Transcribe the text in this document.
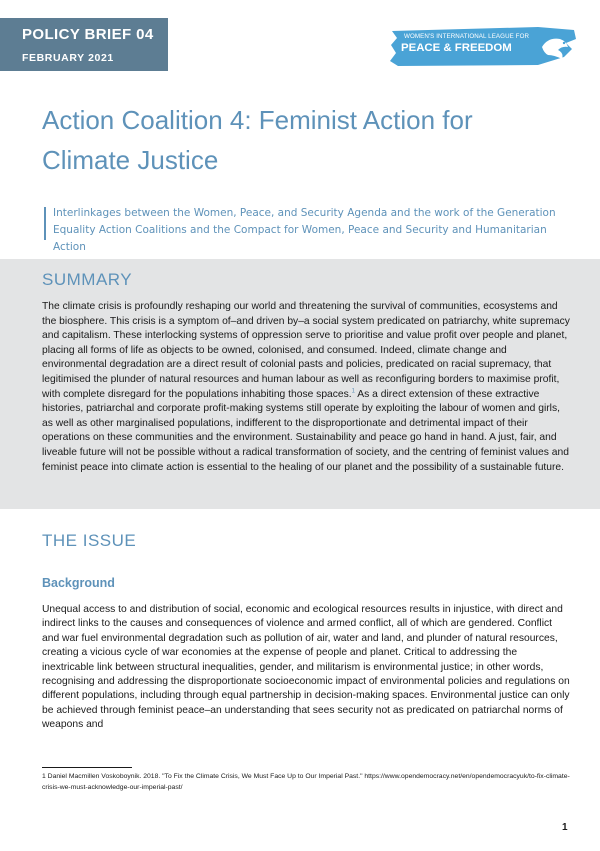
POLICY BRIEF 04
FEBRUARY 2021
WOMEN'S INTERNATIONAL LEAGUE FOR
PEACE & FREEDOM
Action Coalition 4: Feminist Action for Climate Justice

Interlinkages between the Women, Peace, and Security Agenda and the work of the Generation Equality Action Coalitions and the Compact for Women, Peace and Security and Humanitarian Action

SUMMARY

The climate crisis is profoundly reshaping our world and threatening the survival of communities, ecosystems and the biosphere. This crisis is a symptom of–and driven by–a social system predicated on patriarchy, white supremacy and capitalism. These interlocking systems of oppression serve to prioritise and value profit over people and planet, placing all forms of life as objects to be owned, colonised, and consumed. Indeed, climate change and environmental degradation are a direct result of colonial pasts and policies, predicated on racial supremacy, that legitimised the plunder of natural resources and human labour as well as reconfiguring borders to maximise profit, with complete disregard for the populations inhabiting those spaces.$^1$ As a direct extension of these extractive histories, patriarchal and corporate profit-making systems still operate by exploiting the labour of women and girls, as well as other marginalised populations, indifferent to the disproportionate and detrimental impact of their operations on these communities and the environment. Sustainability and peace go hand in hand. A just, fair, and liveable future will not be possible without a radical transformation of society, and the centring of feminist values and feminist peace into climate action is essential to the healing of our planet and the possibility of a sustainable future.

THE ISSUE
Background

Unequal access to and distribution of social, economic and ecological resources results in injustice, with direct and indirect links to the causes and consequences of violence and armed conflict, all of which are gendered. Conflict and war fuel environmental degradation such as pollution of air, water and land, and plunder of natural resources, creating a vicious cycle of war economies at the expense of people and planet. Critical to addressing the inextricable link between structural inequalities, gender, and militarism is environmental justice; in other words, recognising and addressing the disproportionate socioeconomic impact of environmental policies and regulations on different populations, including through equal partnership in decision-making spaces. Environmental justice can only be achieved through feminist peace–an understanding that sees security not as predicated on patriarchal norms of weapons and

1 Daniel Macmillen Voskoboynik. 2018. "To Fix the Climate Crisis, We Must Face Up to Our Imperial Past." https://www.opendemocracy.net/en/opendemocracyuk/to-fix-climate-crisis-we-must-acknowledge-our-imperial-past/

1
